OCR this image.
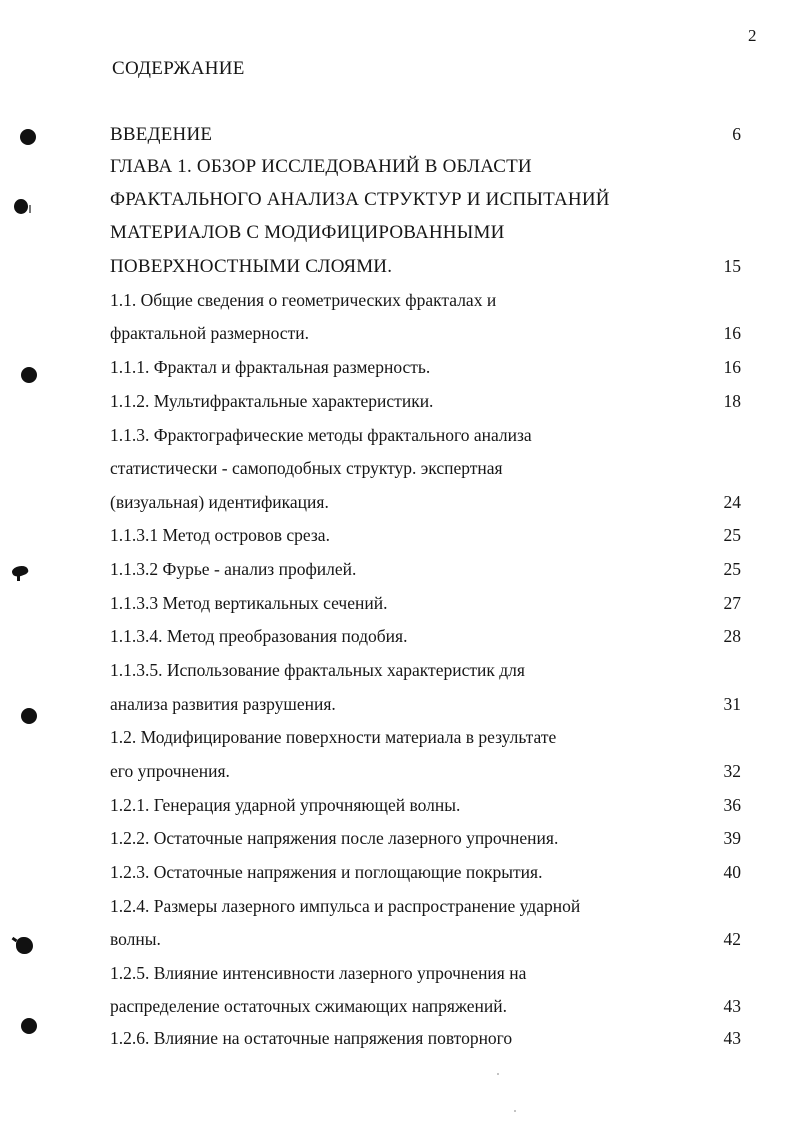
2
СОДЕРЖАНИЕ
ВВЕДЕНИЕ	6
ГЛАВА 1. ОБЗОР ИССЛЕДОВАНИЙ В ОБЛАСТИ
ФРАКТАЛЬНОГО АНАЛИЗА СТРУКТУР И ИСПЫТАНИЙ
МАТЕРИАЛОВ С МОДИФИЦИРОВАННЫМИ
ПОВЕРХНОСТНЫМИ СЛОЯМИ.	15
1.1. Общие сведения о геометрических фракталах и
фрактальной размерности.	16
1.1.1. Фрактал и фрактальная размерность.	16
1.1.2. Мультифрактальные характеристики.	18
1.1.3. Фрактографические методы фрактального анализа
статистически - самоподобных структур. экспертная
(визуальная) идентификация.	24
1.1.3.1 Метод островов среза.	25
1.1.3.2 Фурье - анализ профилей.	25
1.1.3.3 Метод вертикальных сечений.	27
1.1.3.4. Метод преобразования подобия.	28
1.1.3.5. Использование фрактальных характеристик для
анализа развития разрушения.	31
1.2. Модифицирование поверхности материала в результате
его упрочнения.	32
1.2.1. Генерация ударной упрочняющей волны.	36
1.2.2. Остаточные напряжения после лазерного упрочнения.	39
1.2.3. Остаточные напряжения и поглощающие покрытия.	40
1.2.4. Размеры лазерного импульса и распространение ударной
волны.	42
1.2.5. Влияние интенсивности лазерного упрочнения на
распределение остаточных сжимающих напряжений.	43
1.2.6. Влияние на остаточные напряжения повторного	43
